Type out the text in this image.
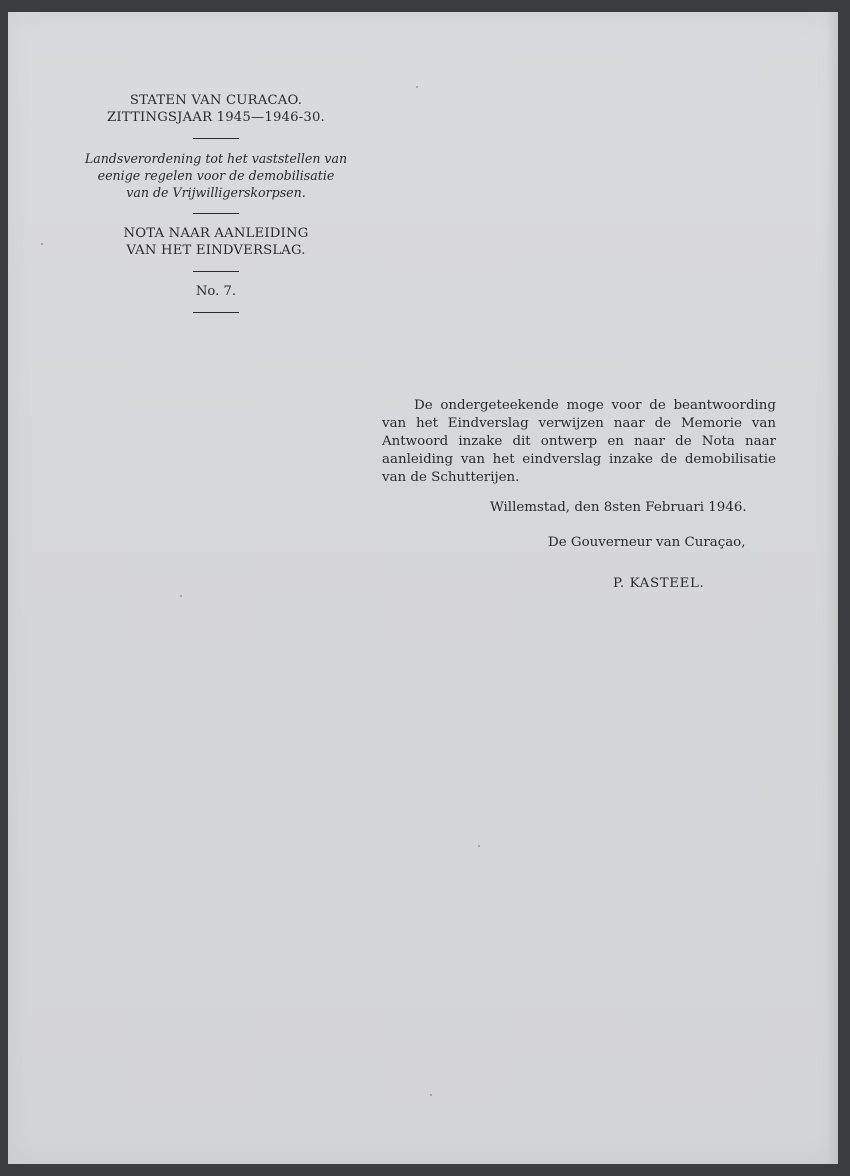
STATEN VAN CURACAO.
ZITTINGSJAAR 1945—1946-30.
Landsverordening tot het vaststellen van
eenige regelen voor de demobilisatie
van de Vrijwilligerskorpsen.
NOTA NAAR AANLEIDING
VAN HET EINDVERSLAG.
No. 7.

De ondergeteekende moge voor de beantwoording van het Eindverslag verwijzen naar de Memorie van Antwoord inzake dit ontwerp en naar de Nota naar aanleiding van het eindverslag inzake de demobilisatie van de Schutterijen.

Willemstad, den 8sten Februari 1946.
De Gouverneur van Curaçao,
P. KASTEEL.
